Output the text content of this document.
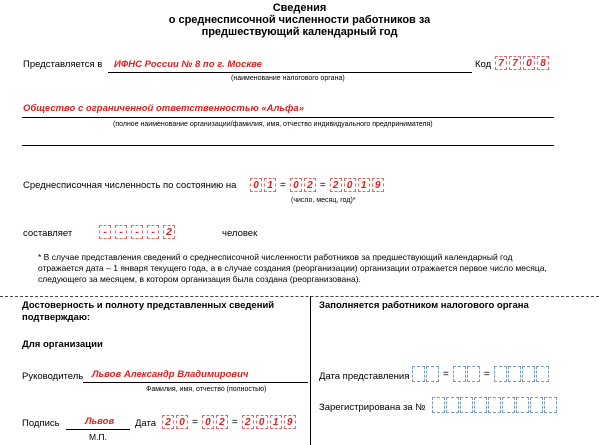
Сведения
о среднесписочной численности работников за
предшествующий календарный год
Представляется в ИФНС России № 8 по г. Москве
(наименование налогового органа)
Код 7 7 0 8
Общество с ограниченной ответственностью «Альфа»
(полное наименование организации/фамилия, имя, отчество индивидуального предпринимателя)
Среднесписочная численность по состоянию на	0 1 = 0 2 = 2 0 1 9
(число, месяц, год)*
составляет	-	-	-	-	2	человек
* В случае представления сведений о среднесписочной численности работников за предшествующий календарный год
отражается дата – 1 января текущего года, а в случае создания (реорганизации) организации отражается первое число месяца,
следующего за месяцем, в котором организация была создана (реорганизована).
Достоверность и полноту представленных сведений
подтверждаю:
Для организации
Руководитель Львов Александр Владимирович
Фамилия, имя, отчество (полностью)
Подпись	Львов
М.П.
Дата 2 0 = 0 2 = 2 0 1 9
Заполняется работником налогового органа
Дата представления	=	=
Зарегистрирована за №
